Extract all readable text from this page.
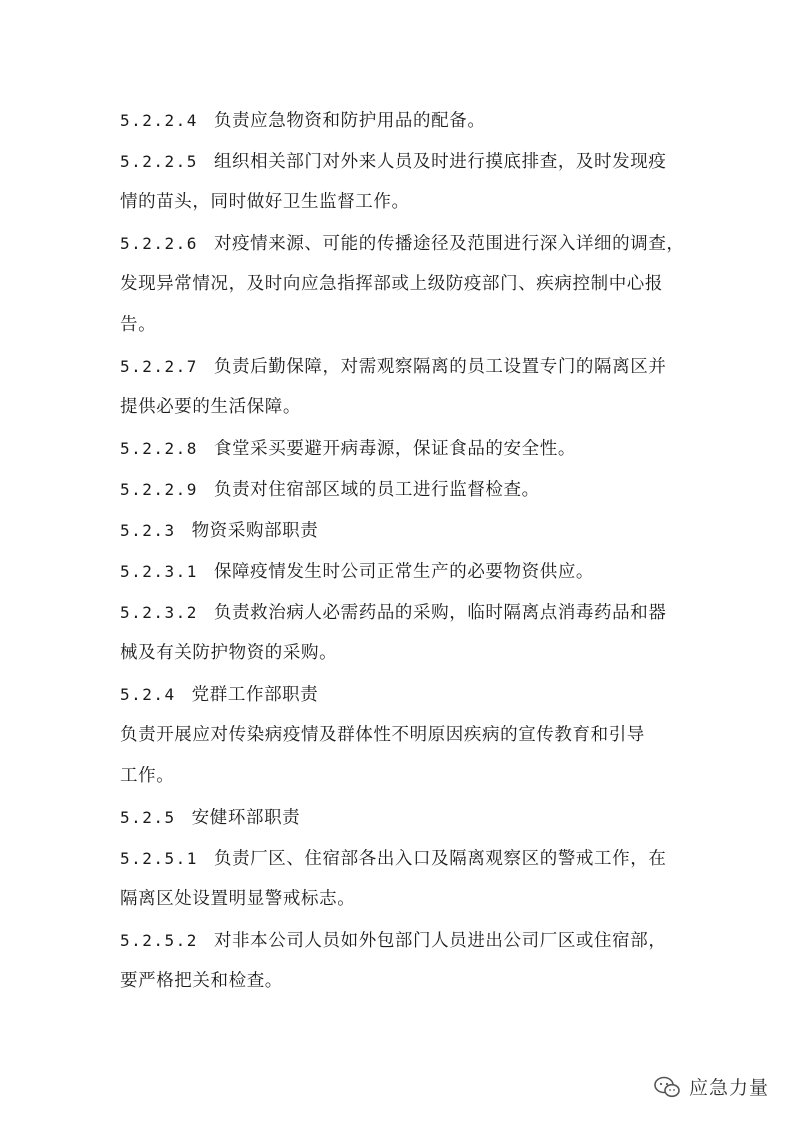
5.2.2.4 负责应急物资和防护用品的配备。
5.2.2.5 组织相关部门对外来人员及时进行摸底排查，及时发现疫
情的苗头，同时做好卫生监督工作。
5.2.2.6 对疫情来源、可能的传播途径及范围进行深入详细的调查，
发现异常情况，及时向应急指挥部或上级防疫部门、疾病控制中心报
告。
5.2.2.7 负责后勤保障，对需观察隔离的员工设置专门的隔离区并
提供必要的生活保障。
5.2.2.8 食堂采买要避开病毒源，保证食品的安全性。
5.2.2.9 负责对住宿部区域的员工进行监督检查。
5.2.3 物资采购部职责
5.2.3.1 保障疫情发生时公司正常生产的必要物资供应。
5.2.3.2 负责救治病人必需药品的采购，临时隔离点消毒药品和器
械及有关防护物资的采购。
5.2.4 党群工作部职责
负责开展应对传染病疫情及群体性不明原因疾病的宣传教育和引导
工作。
5.2.5 安健环部职责
5.2.5.1 负责厂区、住宿部各出入口及隔离观察区的警戒工作，在
隔离区处设置明显警戒标志。
5.2.5.2 对非本公司人员如外包部门人员进出公司厂区或住宿部，
要严格把关和检查。
应急力量
